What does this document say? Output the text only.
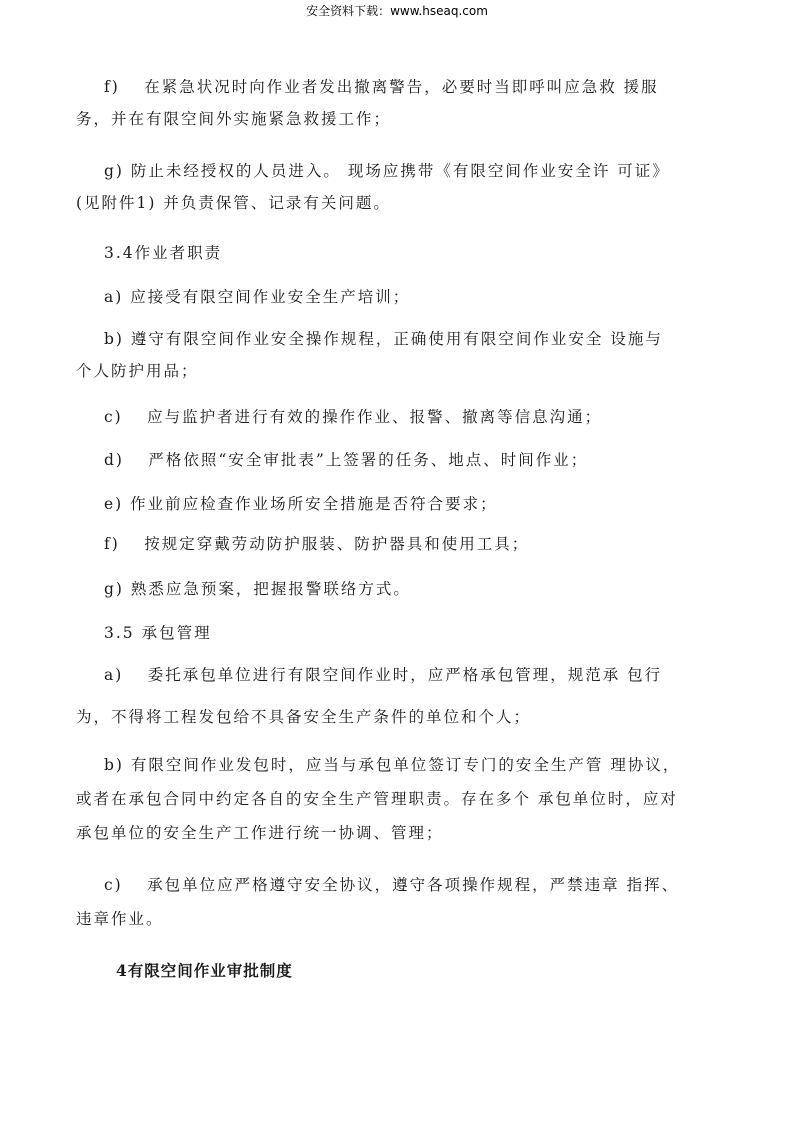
安全资料下载：www.hseaq.com
f)　 在紧急状况时向作业者发出撤离警告，必要时当即呼叫应急救 援服
务，并在有限空间外实施紧急救援工作；
g) 防止未经授权的人员进入。 现场应携带《有限空间作业安全许 可证》
(见附件1) 并负责保管、记录有关问题。
3.4作业者职责
a) 应接受有限空间作业安全生产培训；
b) 遵守有限空间作业安全操作规程，正确使用有限空间作业安全 设施与
个人防护用品；
c)　 应与监护者进行有效的操作作业、报警、撤离等信息沟通；
d)　 严格依照“安全审批表”上签署的任务、地点、时间作业；
e) 作业前应检查作业场所安全措施是否符合要求；
f)　 按规定穿戴劳动防护服装、防护器具和使用工具；
g) 熟悉应急预案，把握报警联络方式。
3.5 承包管理
a)　 委托承包单位进行有限空间作业时，应严格承包管理，规范承 包行
为，不得将工程发包给不具备安全生产条件的单位和个人；
b) 有限空间作业发包时，应当与承包单位签订专门的安全生产管 理协议，
或者在承包合同中约定各自的安全生产管理职责。存在多个 承包单位时，应对
承包单位的安全生产工作进行统一协调、管理；
c)　 承包单位应严格遵守安全协议，遵守各项操作规程，严禁违章 指挥、
违章作业。
4有限空间作业审批制度
